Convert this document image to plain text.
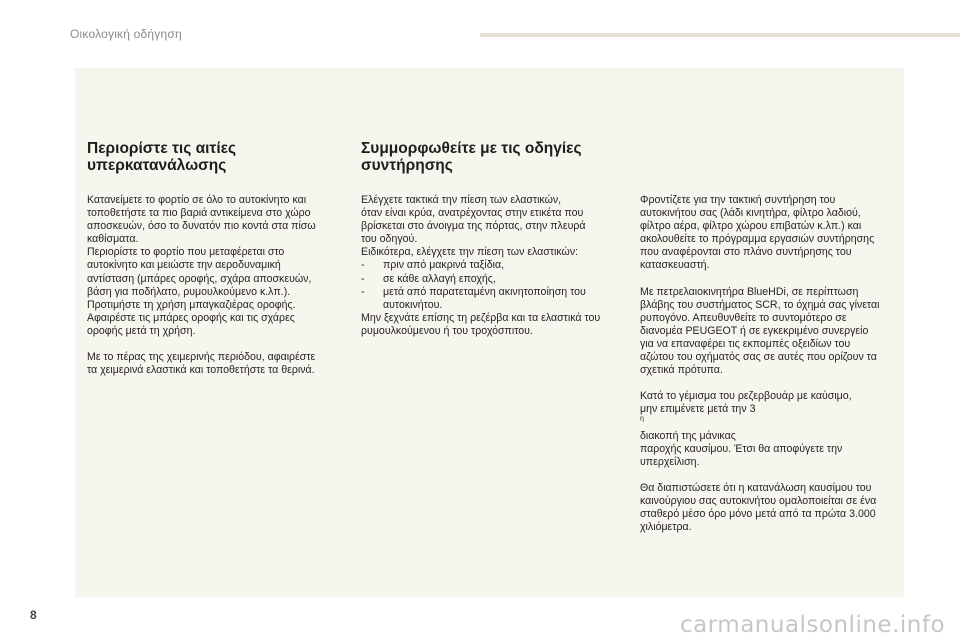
Οικολογική οδήγηση
Περιορίστε τις αιτίες
υπερκατανάλωσης

Κατανείμετε το φορτίο σε όλο το αυτοκίνητο και
τοποθετήστε τα πιο βαριά αντικείμενα στο χώρο
αποσκευών, όσο το δυνατόν πιο κοντά στα πίσω
καθίσματα.
Περιορίστε το φορτίο που μεταφέρεται στο
αυτοκίνητο και μειώστε την αεροδυναμική
αντίσταση (μπάρες οροφής, σχάρα αποσκευών,
βάση για ποδήλατο, ρυμουλκούμενο κ.λπ.).
Προτιμήστε τη χρήση μπαγκαζιέρας οροφής.
Αφαιρέστε τις μπάρες οροφής και τις σχάρες
οροφής μετά τη χρήση.

Με το πέρας της χειμερινής περιόδου, αφαιρέστε
τα χειμερινά ελαστικά και τοποθετήστε τα θερινά.

Συμμορφωθείτε με τις οδηγίες
συντήρησης

Ελέγχετε τακτικά την πίεση των ελαστικών,
όταν είναι κρύα, ανατρέχοντας στην ετικέτα που
βρίσκεται στο άνοιγμα της πόρτας, στην πλευρά
του οδηγού.
Ειδικότερα, ελέγχετε την πίεση των ελαστικών:

- πριν από μακρινά ταξίδια,
- σε κάθε αλλαγή εποχής,
- μετά από παρατεταμένη ακινητοποίηση του
αυτοκινήτου.

Μην ξεχνάτε επίσης τη ρεζέρβα και τα ελαστικά του
ρυμουλκούμενου ή του τροχόσπιτου.

Φροντίζετε για την τακτική συντήρηση του
αυτοκινήτου σας (λάδι κινητήρα, φίλτρο λαδιού,
φίλτρο αέρα, φίλτρο χώρου επιβατών κ.λπ.) και
ακολουθείτε το πρόγραμμα εργασιών συντήρησης
που αναφέρονται στο πλάνο συντήρησης του
κατασκευαστή.

Με πετρελαιοκινητήρα BlueHDi, σε περίπτωση
βλάβης του συστήματος SCR, το όχημά σας γίνεται
ρυπογόνο. Απευθυνθείτε το συντομότερο σε
διανομέα PEUGEOT ή σε εγκεκριμένο συνεργείο
για να επαναφέρει τις εκπομπές οξειδίων του
αζώτου του οχήματός σας σε αυτές που ορίζουν τα
σχετικά πρότυπα.

Κατά το γέμισμα του ρεζερβουάρ με καύσιμο,
μην επιμένετε μετά την 3
$^\eta$
διακοπή της μάνικας
παροχής καυσίμου. Έτσι θα αποφύγετε την
υπερχείλιση.

Θα διαπιστώσετε ότι η κατανάλωση καυσίμου του
καινούργιου σας αυτοκινήτου ομαλοποιείται σε ένα
σταθερό μέσο όρο μόνο μετά από τα πρώτα 3.000
χιλιόμετρα.

8	carmanualsonline.info
